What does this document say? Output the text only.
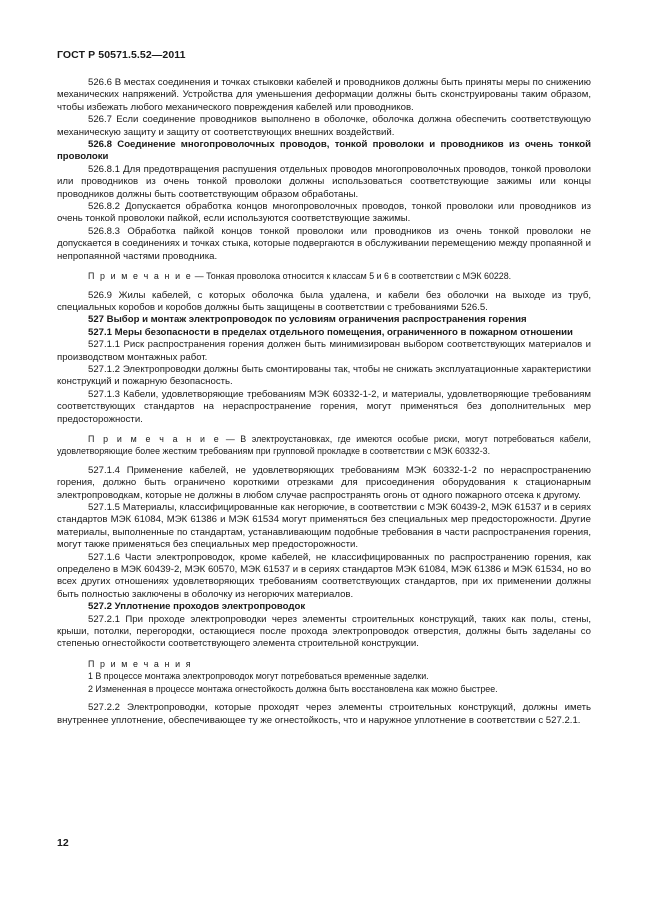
ГОСТ Р 50571.5.52—2011

526.6 В местах соединения и точках стыковки кабелей и проводников должны быть приняты меры по снижению механических напряжений. Устройства для уменьшения деформации должны быть сконструированы таким образом, чтобы избежать любого механического повреждения кабелей или проводников.

526.7 Если соединение проводников выполнено в оболочке, оболочка должна обеспечить соответствующую механическую защиту и защиту от соответствующих внешних воздействий.

526.8 Соединение многопроволочных проводов, тонкой проволоки и проводников из очень тонкой проволоки

526.8.1 Для предотвращения распушения отдельных проводов многопроволочных проводов, тонкой проволоки или проводников из очень тонкой проволоки должны использоваться соответствующие зажимы или концы проводников должны быть соответствующим образом обработаны.

526.8.2 Допускается обработка концов многопроволочных проводов, тонкой проволоки или проводников из очень тонкой проволоки пайкой, если используются соответствующие зажимы.

526.8.3 Обработка пайкой концов тонкой проволоки или проводников из очень тонкой проволоки не допускается в соединениях и точках стыка, которые подвергаются в обслуживании перемещению между пропаянной и непропаянной частями проводника.

П р и м е ч а н и е — Тонкая проволока относится к классам 5 и 6 в соответствии с МЭК 60228.

526.9 Жилы кабелей, с которых оболочка была удалена, и кабели без оболочки на выходе из труб, специальных коробов и коробов должны быть защищены в соответствии с требованиями 526.5.

527 Выбор и монтаж электропроводок по условиям ограничения распространения горения

527.1 Меры безопасности в пределах отдельного помещения, ограниченного в пожарном отношении

527.1.1 Риск распространения горения должен быть минимизирован выбором соответствующих материалов и производством монтажных работ.

527.1.2 Электропроводки должны быть смонтированы так, чтобы не снижать эксплуатационные характеристики конструкций и пожарную безопасность.

527.1.3 Кабели, удовлетворяющие требованиям МЭК 60332-1-2, и материалы, удовлетворяющие требованиям соответствующих стандартов на нераспространение горения, могут применяться без дополнительных мер предосторожности.

П р и м е ч а н и е — В электроустановках, где имеются особые риски, могут потребоваться кабели, удовлетворяющие более жестким требованиям при групповой прокладке в соответствии с МЭК 60332-3.

527.1.4 Применение кабелей, не удовлетворяющих требованиям МЭК 60332-1-2 по нераспространению горения, должно быть ограничено короткими отрезками для присоединения оборудования к стационарным электропроводкам, которые не должны в любом случае распространять огонь от одного пожарного отсека к другому.

527.1.5 Материалы, классифицированные как негорючие, в соответствии с МЭК 60439-2, МЭК 61537 и в сериях стандартов МЭК 61084, МЭК 61386 и МЭК 61534 могут применяться без специальных мер предосторожности. Другие материалы, выполненные по стандартам, устанавливающим подобные требования в части распространения горения, могут также применяться без специальных мер предосторожности.

527.1.6 Части электропроводок, кроме кабелей, не классифицированных по распространению горения, как определено в МЭК 60439-2, МЭК 60570, МЭК 61537 и в сериях стандартов МЭК 61084, МЭК 61386 и МЭК 61534, но во всех других отношениях удовлетворяющих требованиям соответствующих стандартов, при их применении должны быть полностью заключены в оболочку из негорючих материалов.

527.2 Уплотнение проходов электропроводок

527.2.1 При проходе электропроводки через элементы строительных конструкций, таких как полы, стены, крыши, потолки, перегородки, остающиеся после прохода электропроводок отверстия, должны быть заделаны со степенью огнестойкости соответствующего элемента строительной конструкции.

П р и м е ч а н и я

1 В процессе монтажа электропроводок могут потребоваться временные заделки.

2 Измененная в процессе монтажа огнестойкость должна быть восстановлена как можно быстрее.

527.2.2 Электропроводки, которые проходят через элементы строительных конструкций, должны иметь внутреннее уплотнение, обеспечивающее ту же огнестойкость, что и наружное уплотнение в соответствии с 527.2.1.

12
